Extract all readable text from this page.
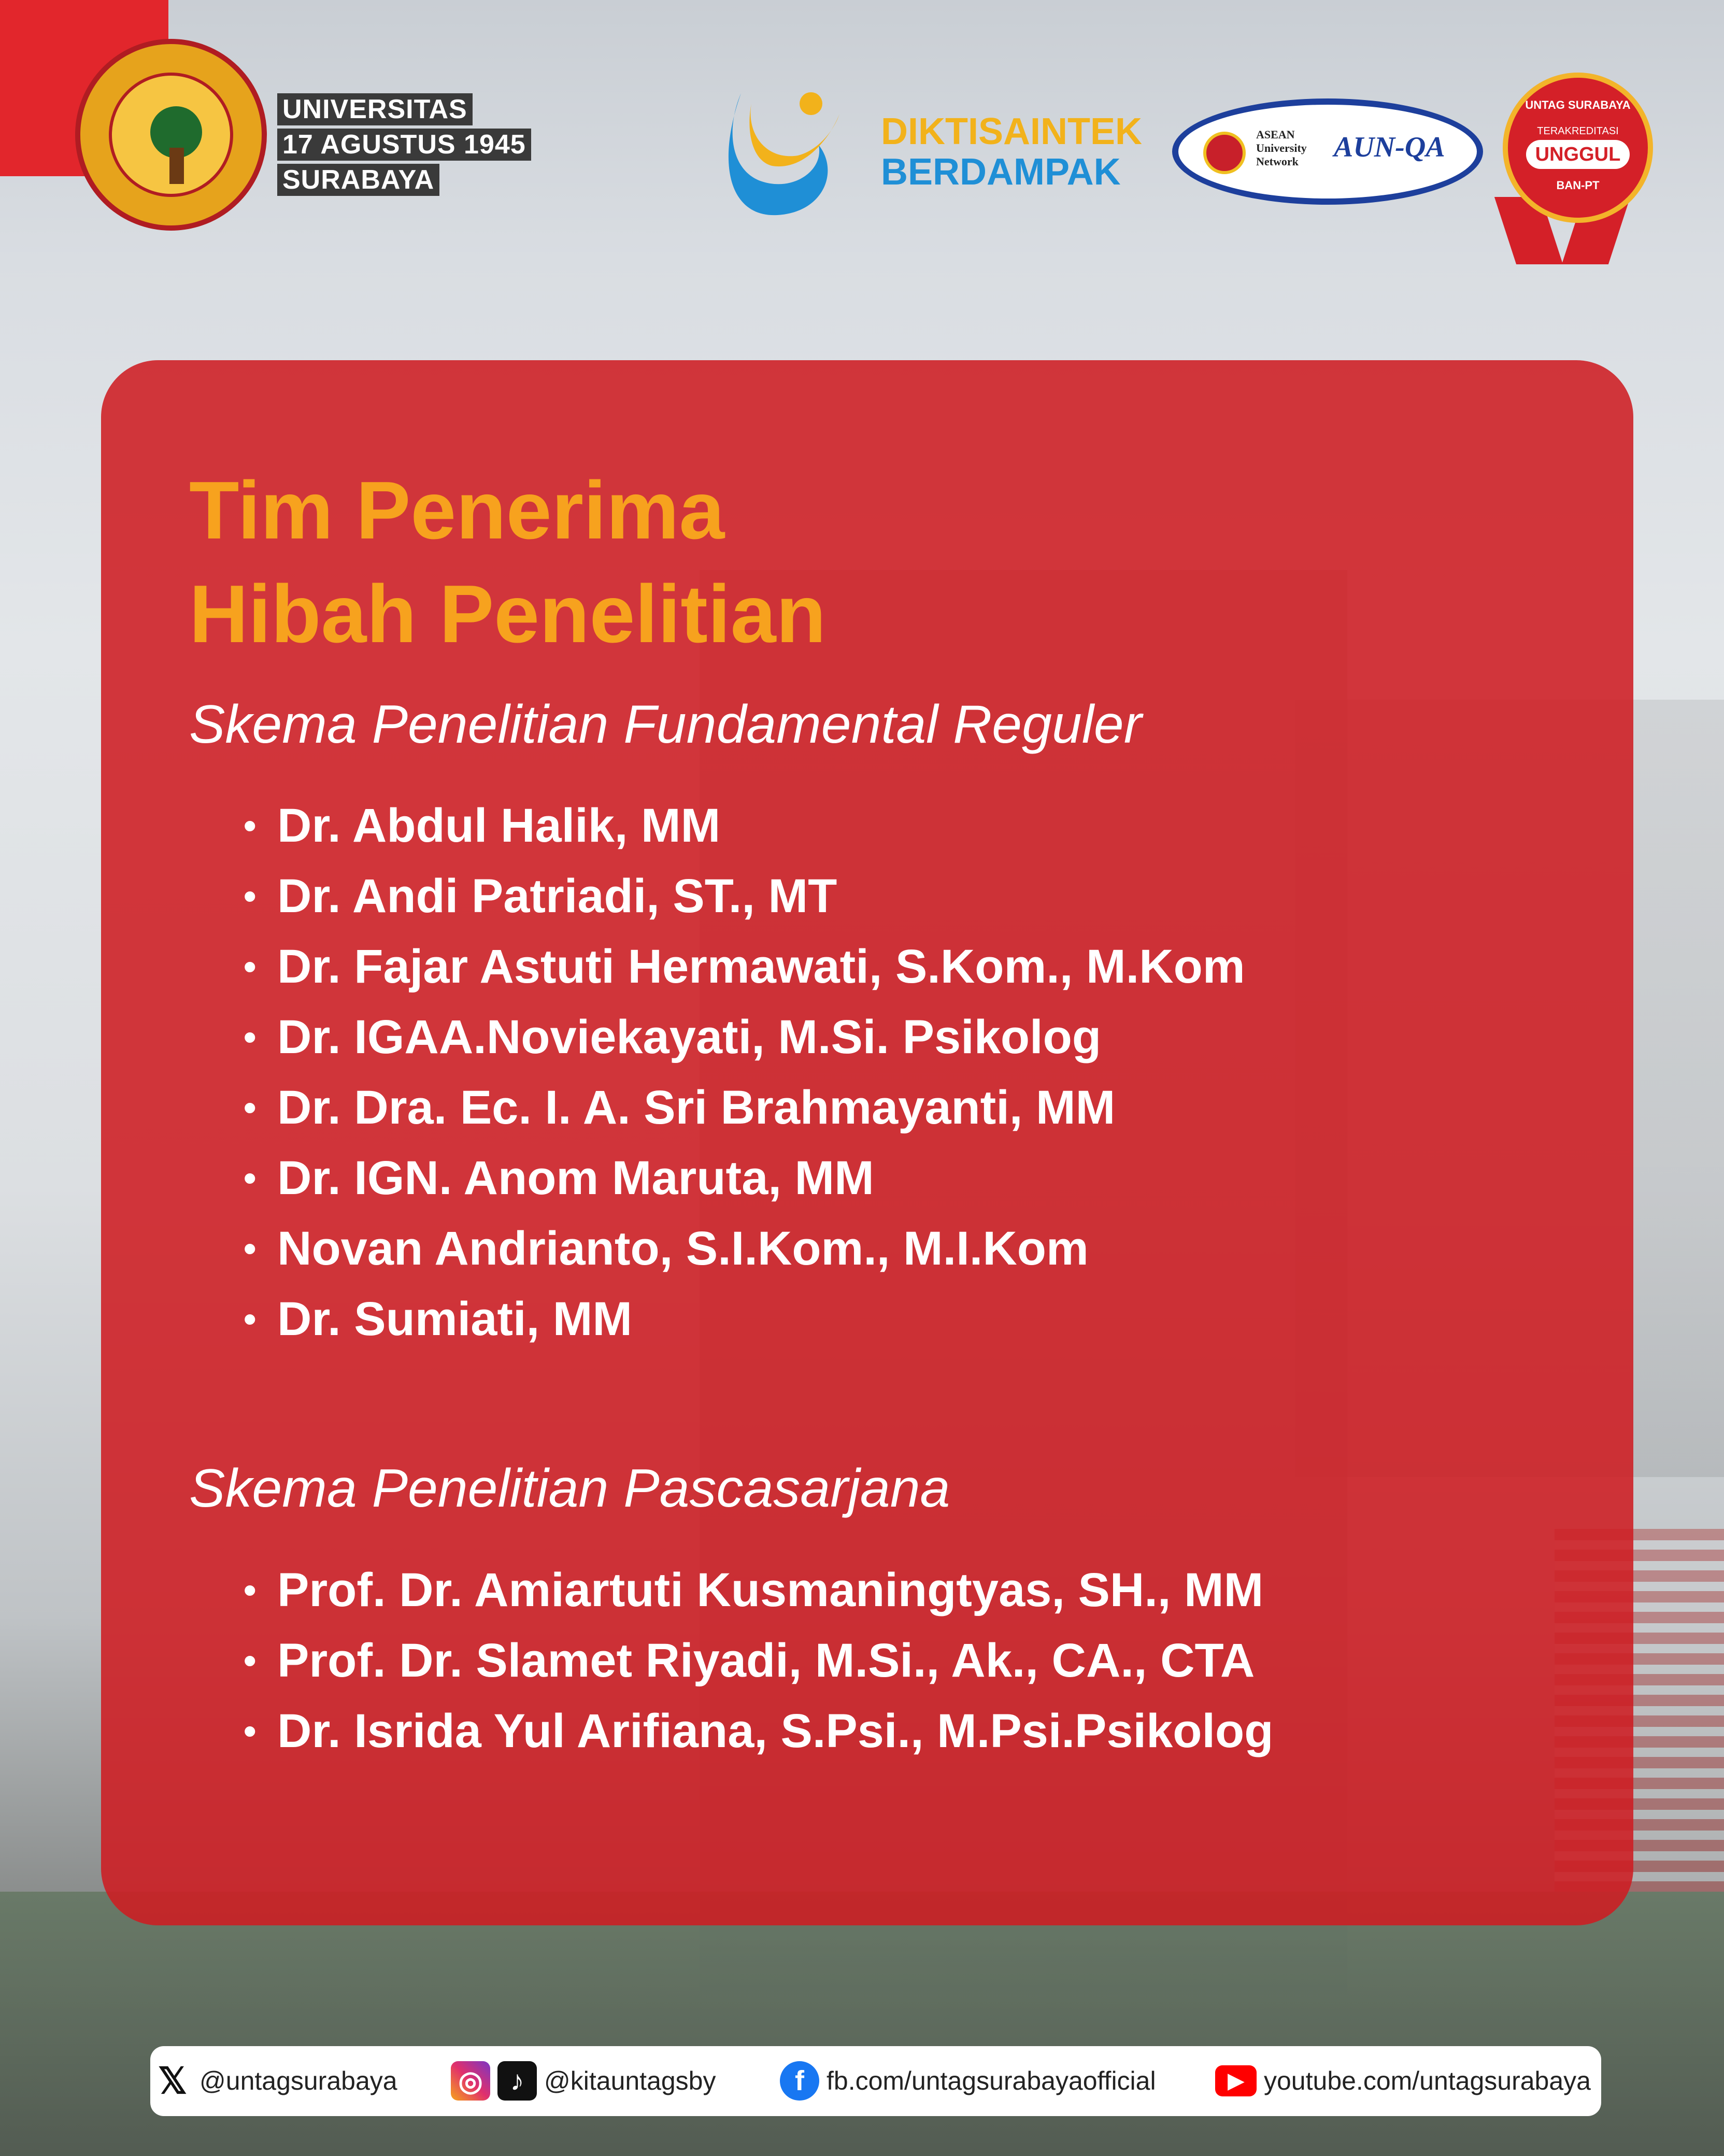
UNIVERSITAS
17 AGUSTUS 1945
SURABAYA
DIKTISAINTEK
BERDAMPAK
ASEAN
University
Network AUN-QA
UNTAG SURABAYA
TERAKREDITASI
UNGGUL
BAN-PT
Tim Penerima
Hibah Penelitian
Skema Penelitian Fundamental Reguler
• Dr. Abdul Halik, MM
• Dr. Andi Patriadi, ST., MT
• Dr. Fajar Astuti Hermawati, S.Kom., M.Kom
• Dr. IGAA.Noviekayati, M.Si. Psikolog
• Dr. Dra. Ec. I. A. Sri Brahmayanti, MM
• Dr. IGN. Anom Maruta, MM
• Novan Andrianto, S.I.Kom., M.I.Kom
• Dr. Sumiati, MM
Skema Penelitian Pascasarjana
• Prof. Dr. Amiartuti Kusmaningtyas, SH., MM
• Prof. Dr. Slamet Riyadi, M.Si., Ak., CA., CTA
• Dr. Isrida Yul Arifiana, S.Psi., M.Psi.Psikolog
𝕏 @untagsurabaya ◎ ♪ @kitauntagsby	f fb.com/untagsurabayaofficial	▶ youtube.com/untagsurabaya
